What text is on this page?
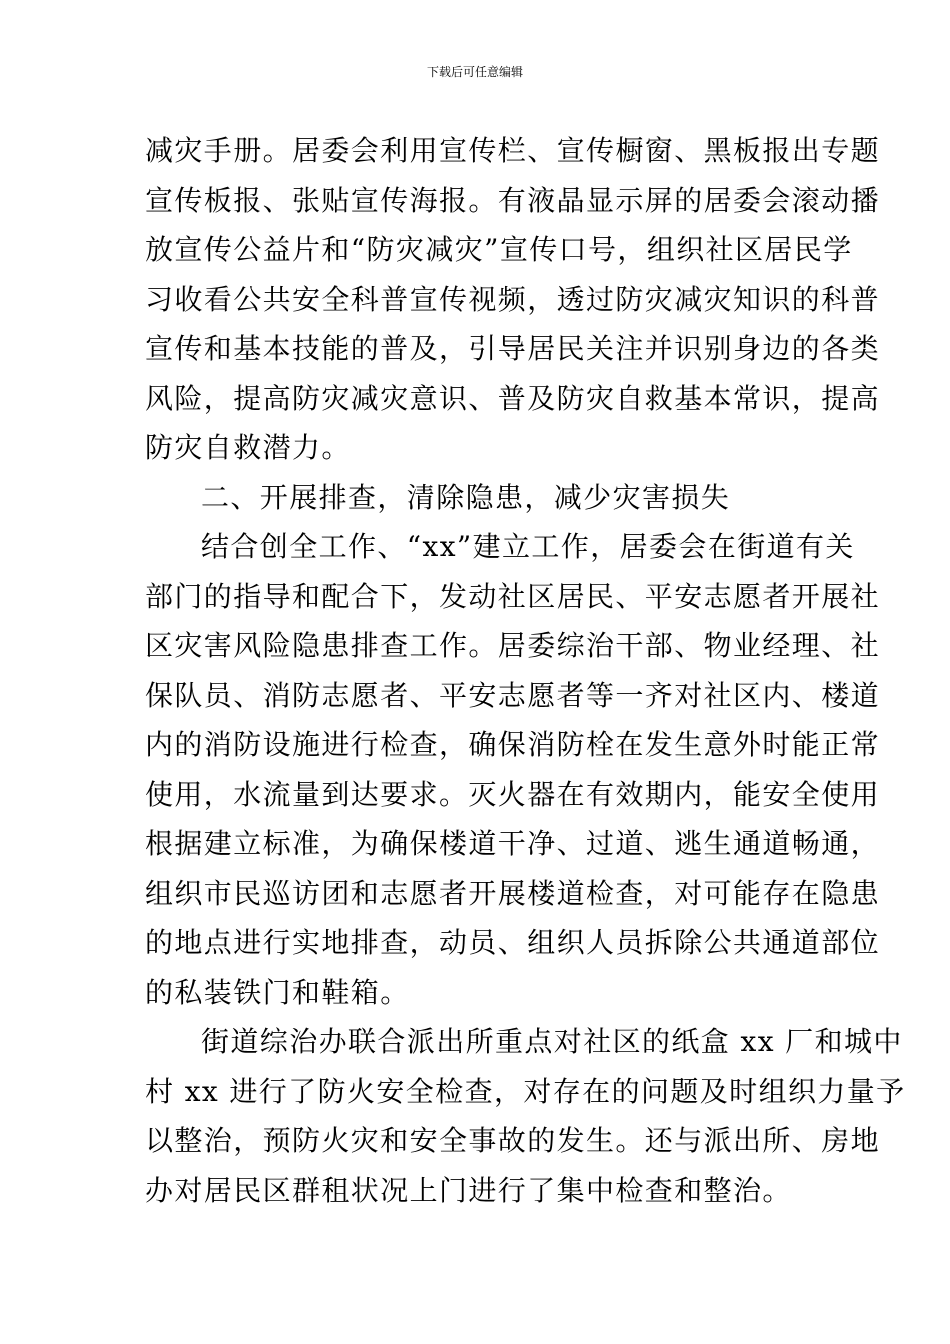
下载后可任意编辑
减灾手册。居委会利用宣传栏、宣传橱窗、黑板报出专题
宣传板报、张贴宣传海报。有液晶显示屏的居委会滚动播
放宣传公益片和“防灾减灾”宣传口号，组织社区居民学
习收看公共安全科普宣传视频，透过防灾减灾知识的科普
宣传和基本技能的普及，引导居民关注并识别身边的各类
风险，提高防灾减灾意识、普及防灾自救基本常识，提高
防灾自救潜力。
二、开展排查，清除隐患，减少灾害损失
结合创全工作、“xx”建立工作，居委会在街道有关
部门的指导和配合下，发动社区居民、平安志愿者开展社
区灾害风险隐患排查工作。居委综治干部、物业经理、社
保队员、消防志愿者、平安志愿者等一齐对社区内、楼道
内的消防设施进行检查，确保消防栓在发生意外时能正常
使用，水流量到达要求。灭火器在有效期内，能安全使用
根据建立标准，为确保楼道干净、过道、逃生通道畅通，
组织市民巡访团和志愿者开展楼道检查，对可能存在隐患
的地点进行实地排查，动员、组织人员拆除公共通道部位
的私装铁门和鞋箱。
街道综治办联合派出所重点对社区的纸盒 xx 厂和城中
村 xx 进行了防火安全检查，对存在的问题及时组织力量予
以整治，预防火灾和安全事故的发生。还与派出所、房地
办对居民区群租状况上门进行了集中检查和整治。
